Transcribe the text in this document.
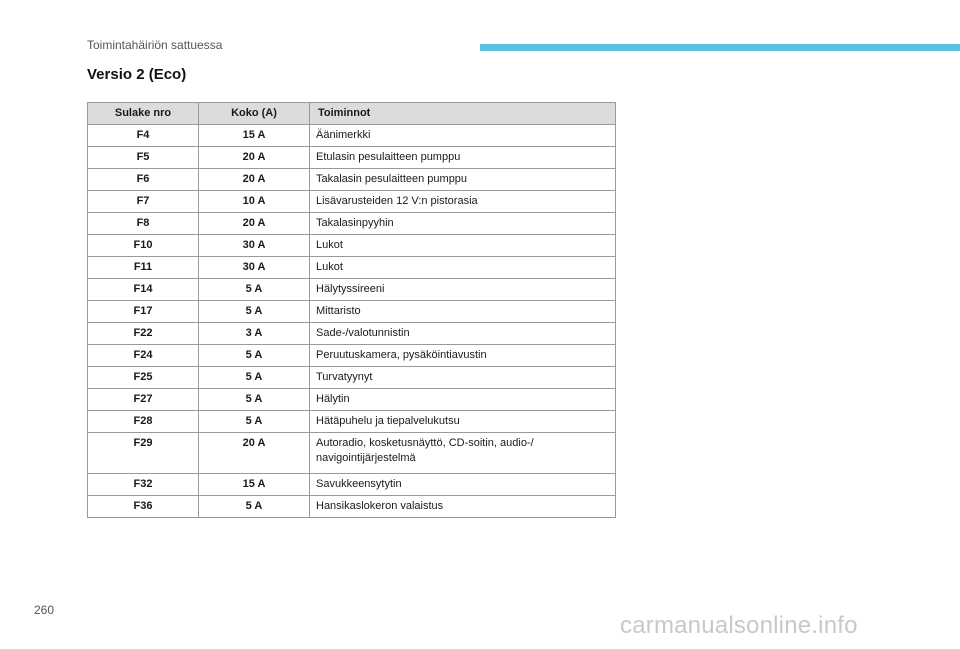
Toimintahäiriön sattuessa
Versio 2 (Eco)
Sulake nro	Koko (A)	Toiminnot
F4	15 A	Äänimerkki
F5	20 A	Etulasin pesulaitteen pumppu
F6	20 A	Takalasin pesulaitteen pumppu
F7	10 A	Lisävarusteiden 12 V:n pistorasia
F8	20 A	Takalasinpyyhin
F10	30 A	Lukot
F11	30 A	Lukot
F14	5 A	Hälytyssireeni
F17	5 A	Mittaristo
F22	3 A	Sade-/valotunnistin
F24	5 A	Peruutuskamera, pysäköintiavustin
F25	5 A	Turvatyynyt
F27	5 A	Hälytin
F28	5 A	Hätäpuhelu ja tiepalvelukutsu
F29	20 A	Autoradio, kosketusnäyttö, CD-soitin, audio-/ navigointijärjestelmä
F32	15 A	Savukkeensytytin
F36	5 A	Hansikaslokeron valaistus
260
carmanualsonline.info
